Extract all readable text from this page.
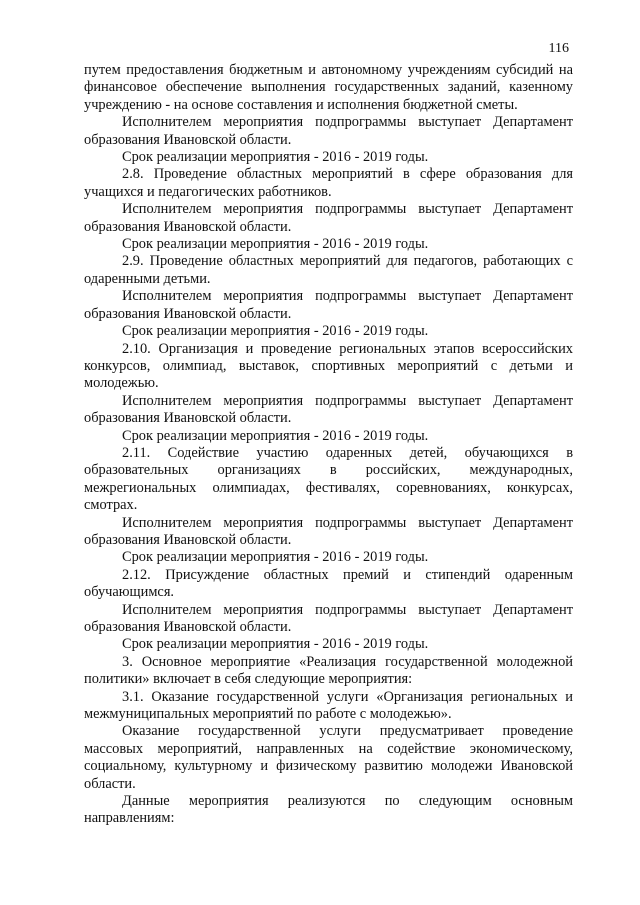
116

путем предоставления бюджетным и автономному учреждениям субсидий на финансовое обеспечение выполнения государственных заданий, казенному учреждению - на основе составления и исполнения бюджетной сметы.

Исполнителем мероприятия подпрограммы выступает Департамент образования Ивановской области.

Срок реализации мероприятия - 2016 - 2019 годы.

2.8. Проведение областных мероприятий в сфере образования для учащихся и педагогических работников.

Исполнителем мероприятия подпрограммы выступает Департамент образования Ивановской области.

Срок реализации мероприятия - 2016 - 2019 годы.

2.9. Проведение областных мероприятий для педагогов, работающих с одаренными детьми.

Исполнителем мероприятия подпрограммы выступает Департамент образования Ивановской области.

Срок реализации мероприятия - 2016 - 2019 годы.

2.10. Организация и проведение региональных этапов всероссийских конкурсов, олимпиад, выставок, спортивных мероприятий с детьми и молодежью.

Исполнителем мероприятия подпрограммы выступает Департамент образования Ивановской области.

Срок реализации мероприятия - 2016 - 2019 годы.

2.11. Содействие участию одаренных детей, обучающихся в образовательных организациях в российских, международных, межрегиональных олимпиадах, фестивалях, соревнованиях, конкурсах, смотрах.

Исполнителем мероприятия подпрограммы выступает Департамент образования Ивановской области.

Срок реализации мероприятия - 2016 - 2019 годы.

2.12. Присуждение областных премий и стипендий одаренным обучающимся.

Исполнителем мероприятия подпрограммы выступает Департамент образования Ивановской области.

Срок реализации мероприятия - 2016 - 2019 годы.

3. Основное мероприятие «Реализация государственной молодежной политики» включает в себя следующие мероприятия:

3.1. Оказание государственной услуги «Организация региональных и межмуниципальных мероприятий по работе с молодежью».

Оказание государственной услуги предусматривает проведение массовых мероприятий, направленных на содействие экономическому, социальному, культурному и физическому развитию молодежи Ивановской области.

Данные мероприятия реализуются по следующим основным направлениям:
